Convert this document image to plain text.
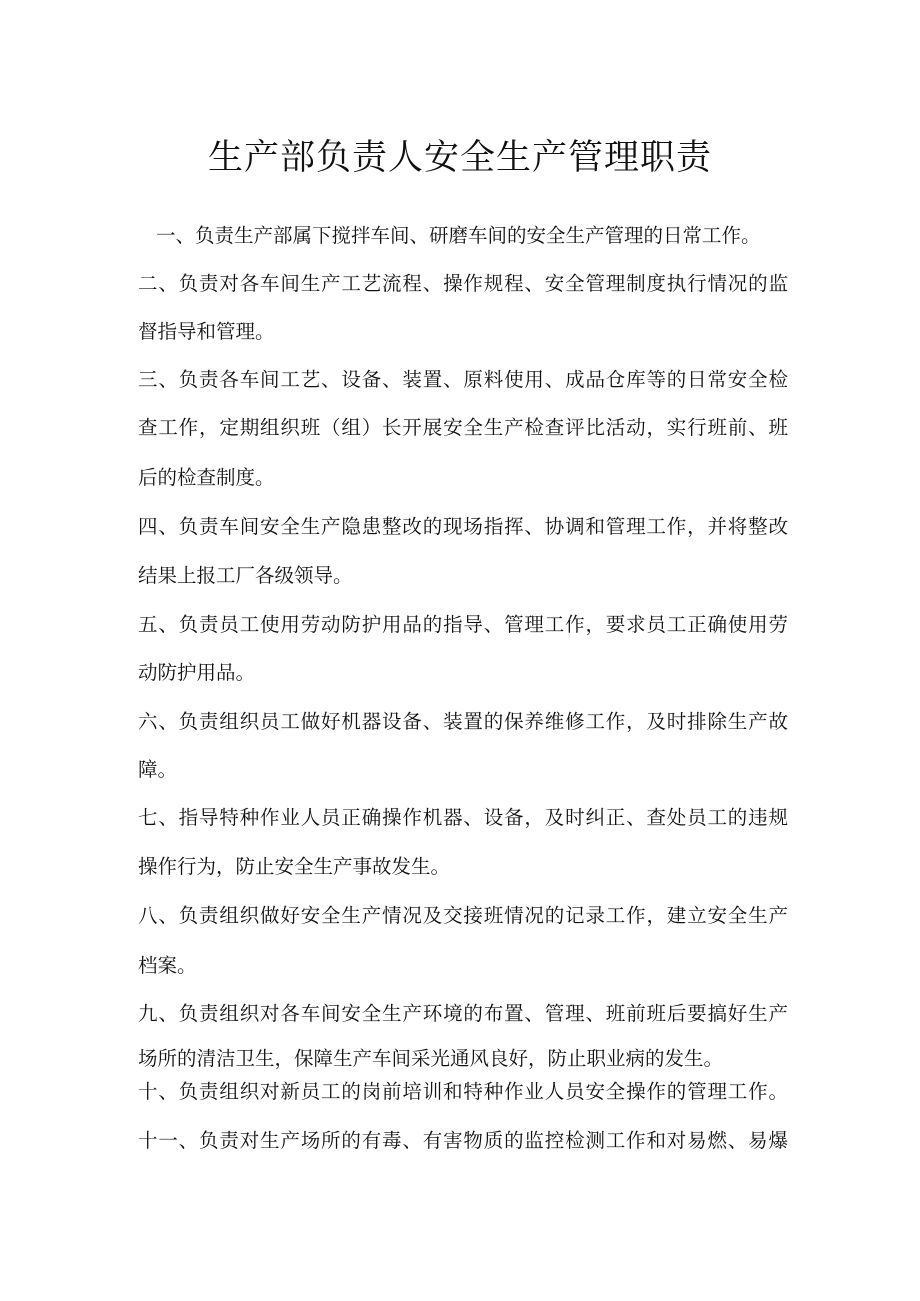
生产部负责人安全生产管理职责
一、负责生产部属下搅拌车间、研磨车间的安全生产管理的日常工作。
二、负责对各车间生产工艺流程、操作规程、安全管理制度执行情况的监
督指导和管理。
三、负责各车间工艺、设备、装置、原料使用、成品仓库等的日常安全检
查工作，定期组织班（组）长开展安全生产检查评比活动，实行班前、班
后的检查制度。
四、负责车间安全生产隐患整改的现场指挥、协调和管理工作，并将整改
结果上报工厂各级领导。
五、负责员工使用劳动防护用品的指导、管理工作，要求员工正确使用劳
动防护用品。
六、负责组织员工做好机器设备、装置的保养维修工作，及时排除生产故
障。
七、指导特种作业人员正确操作机器、设备，及时纠正、查处员工的违规
操作行为，防止安全生产事故发生。
八、负责组织做好安全生产情况及交接班情况的记录工作，建立安全生产
档案。
九、负责组织对各车间安全生产环境的布置、管理、班前班后要搞好生产
场所的清洁卫生，保障生产车间采光通风良好，防止职业病的发生。
十、负责组织对新员工的岗前培训和特种作业人员安全操作的管理工作。
十一、负责对生产场所的有毒、有害物质的监控检测工作和对易燃、易爆
